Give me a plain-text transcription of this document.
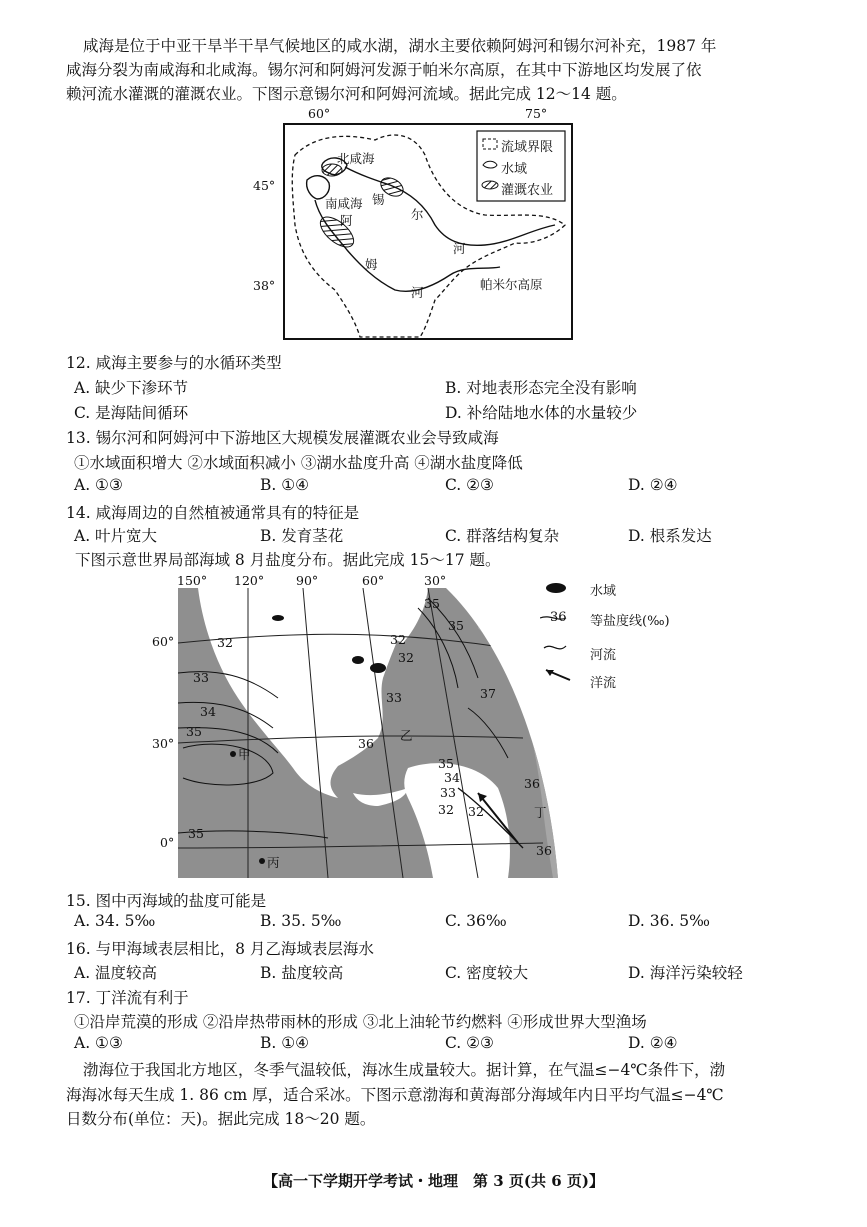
咸海是位于中亚干旱半干旱气候地区的咸水湖，湖水主要依赖阿姆河和锡尔河补充，1987 年
咸海分裂为南咸海和北咸海。锡尔河和阿姆河发源于帕米尔高原，在其中下游地区均发展了依
赖河流水灌溉的灌溉农业。下图示意锡尔河和阿姆河流域。据此完成 12～14 题。
60°	75°
45°
38°
北咸海
南咸海 锡
尔
河
阿
姆
河
帕米尔高原
流域界限
水域
灌溉农业
12. 咸海主要参与的水循环类型
A. 缺少下渗环节	B. 对地表形态完全没有影响
C. 是海陆间循环	D. 补给陆地水体的水量较少
13. 锡尔河和阿姆河中下游地区大规模发展灌溉农业会导致咸海
①水域面积增大 ②水域面积减小 ③湖水盐度升高 ④湖水盐度降低
A. ①③	B. ①④	C. ②③	D. ②④
14. 咸海周边的自然植被通常具有的特征是
A. 叶片宽大	B. 发育茎花	C. 群落结构复杂	D. 根系发达
下图示意世界局部海域 8 月盐度分布。据此完成 15～17 题。
150° 120°	90°	60°	30°
60°
30°
0°
32
33
34
35
35
32
35
32
33	37
36
35
34
33
32
32
36
36
35
甲
乙
丙
丁
水域
36 等盐度线(‰)
河流
洋流
15. 图中丙海域的盐度可能是
A. 34. 5‰	B. 35. 5‰	C. 36‰	D. 36. 5‰
16. 与甲海域表层相比，8 月乙海域表层海水
A. 温度较高	B. 盐度较高	C. 密度较大	D. 海洋污染较轻
17. 丁洋流有利于
①沿岸荒漠的形成 ②沿岸热带雨林的形成 ③北上油轮节约燃料 ④形成世界大型渔场
A. ①③	B. ①④	C. ②③	D. ②④
渤海位于我国北方地区，冬季气温较低，海冰生成量较大。据计算，在气温≤−4℃条件下，渤
海海冰每天生成 1. 86 cm 厚，适合采冰。下图示意渤海和黄海部分海域年内日平均气温≤−4℃
日数分布(单位：天)。据此完成 18～20 题。
【高一下学期开学考试・地理　第 3 页(共 6 页)】
